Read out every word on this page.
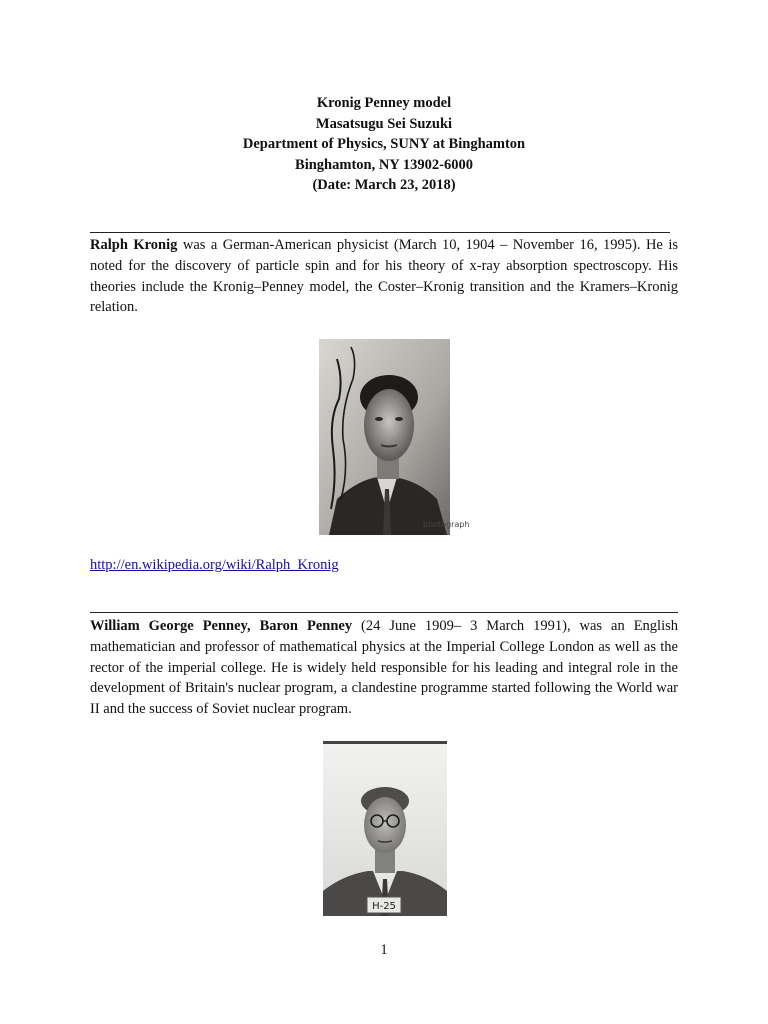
Kronig Penney model
Masatsugu Sei Suzuki
Department of Physics, SUNY at Binghamton
Binghamton, NY 13902-6000
(Date: March 23, 2018)
Ralph Kronig was a German-American physicist (March 10, 1904 – November 16, 1995). He is noted for the discovery of particle spin and for his theory of x-ray absorption spectroscopy. His theories include the Kronig–Penney model, the Coster–Kronig transition and the Kramers–Kronig relation.
photograph
http://en.wikipedia.org/wiki/Ralph_Kronig
William George Penney, Baron Penney (24 June 1909– 3 March 1991), was an English mathematician and professor of mathematical physics at the Imperial College London as well as the rector of the imperial college. He is widely held responsible for his leading and integral role in the development of Britain's nuclear program, a clandestine programme started following the World war II and the success of Soviet nuclear program.
H-25
1
